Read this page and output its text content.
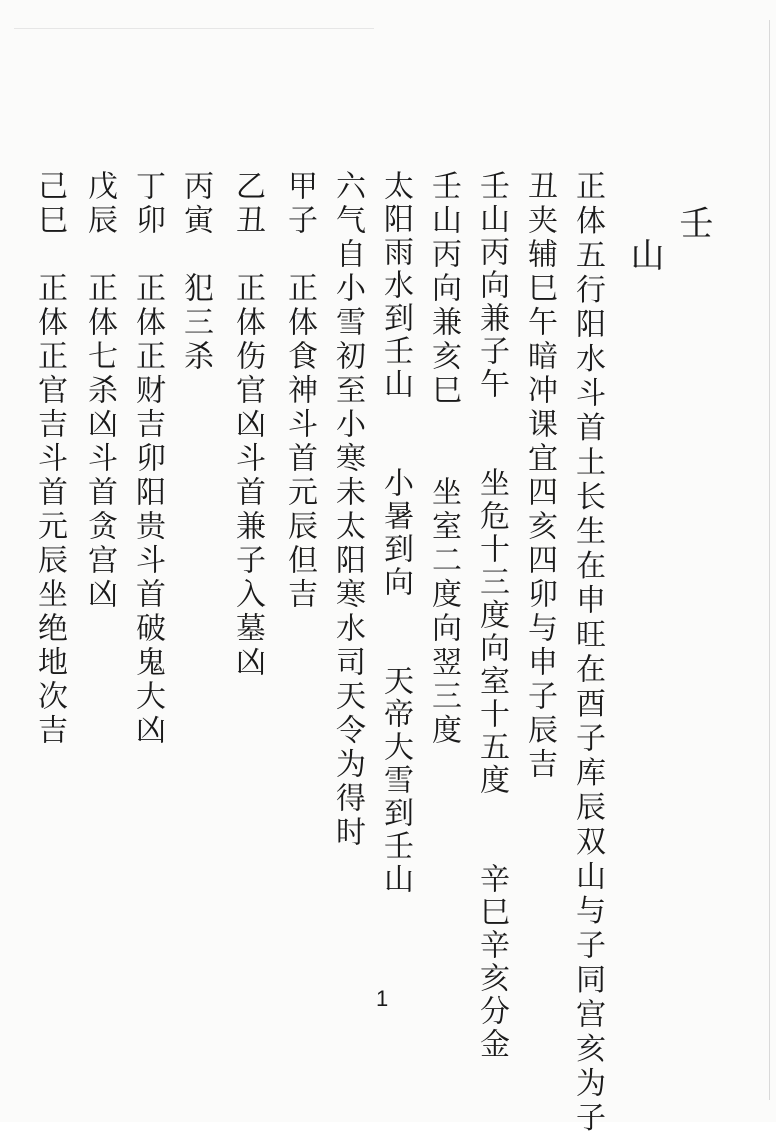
壬
山

正体五行阳水斗首土长生在申旺在酉子库辰双山与子同宫亥为子

丑夹辅巳午暗冲课宜四亥四卯与申子辰吉

壬山丙向兼子午　　坐危十三度向室十五度　　辛巳辛亥分金

壬山丙向兼亥巳　　坐室二度向翌三度

太阳雨水到壬山　　小暑到向　　天帝大雪到壬山

六气自小雪初至小寒未太阳寒水司天令为得时

甲子　正体食神斗首元辰但吉

乙丑　正体伤官凶斗首兼子入墓凶

丙寅　犯三杀

丁卯　正体正财吉卯阳贵斗首破鬼大凶

戊辰　正体七杀凶斗首贪宫凶

己巳　正体正官吉斗首元辰坐绝地次吉

1
